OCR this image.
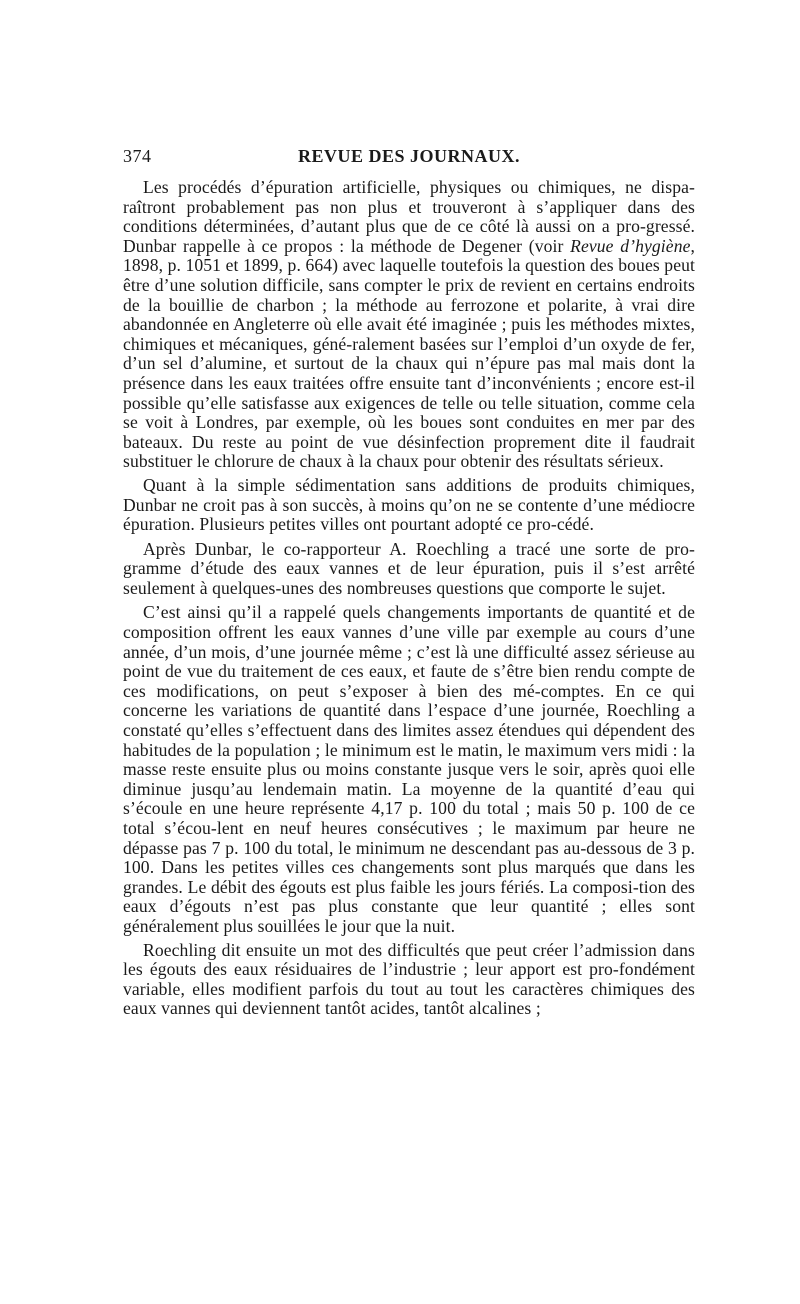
374	REVUE DES JOURNAUX.

Les procédés d’épuration artificielle, physiques ou chimiques, ne dispa-raîtront probablement pas non plus et trouveront à s’appliquer dans des conditions déterminées, d’autant plus que de ce côté là aussi on a pro-gressé. Dunbar rappelle à ce propos : la méthode de Degener (voir Revue d’hygiène, 1898, p. 1051 et 1899, p. 664) avec laquelle toutefois la question des boues peut être d’une solution difficile, sans compter le prix de revient en certains endroits de la bouillie de charbon ; la méthode au ferrozone et polarite, à vrai dire abandonnée en Angleterre où elle avait été imaginée ; puis les méthodes mixtes, chimiques et mécaniques, géné-ralement basées sur l’emploi d’un oxyde de fer, d’un sel d’alumine, et surtout de la chaux qui n’épure pas mal mais dont la présence dans les eaux traitées offre ensuite tant d’inconvénients ; encore est-il possible qu’elle satisfasse aux exigences de telle ou telle situation, comme cela se voit à Londres, par exemple, où les boues sont conduites en mer par des bateaux. Du reste au point de vue désinfection proprement dite il faudrait substituer le chlorure de chaux à la chaux pour obtenir des résultats sérieux.

Quant à la simple sédimentation sans additions de produits chimiques, Dunbar ne croit pas à son succès, à moins qu’on ne se contente d’une médiocre épuration. Plusieurs petites villes ont pourtant adopté ce pro-cédé.

Après Dunbar, le co-rapporteur A. Roechling a tracé une sorte de pro-gramme d’étude des eaux vannes et de leur épuration, puis il s’est arrêté seulement à quelques-unes des nombreuses questions que comporte le sujet.

C’est ainsi qu’il a rappelé quels changements importants de quantité et de composition offrent les eaux vannes d’une ville par exemple au cours d’une année, d’un mois, d’une journée même ; c’est là une difficulté assez sérieuse au point de vue du traitement de ces eaux, et faute de s’être bien rendu compte de ces modifications, on peut s’exposer à bien des mé-comptes. En ce qui concerne les variations de quantité dans l’espace d’une journée, Roechling a constaté qu’elles s’effectuent dans des limites assez étendues qui dépendent des habitudes de la population ; le minimum est le matin, le maximum vers midi : la masse reste ensuite plus ou moins constante jusque vers le soir, après quoi elle diminue jusqu’au lendemain matin. La moyenne de la quantité d’eau qui s’écoule en une heure représente 4,17 p. 100 du total ; mais 50 p. 100 de ce total s’écou-lent en neuf heures consécutives ; le maximum par heure ne dépasse pas 7 p. 100 du total, le minimum ne descendant pas au-dessous de 3 p. 100. Dans les petites villes ces changements sont plus marqués que dans les grandes. Le débit des égouts est plus faible les jours fériés. La composi-tion des eaux d’égouts n’est pas plus constante que leur quantité ; elles sont généralement plus souillées le jour que la nuit.

Roechling dit ensuite un mot des difficultés que peut créer l’admission dans les égouts des eaux résiduaires de l’industrie ; leur apport est pro-fondément variable, elles modifient parfois du tout au tout les caractères chimiques des eaux vannes qui deviennent tantôt acides, tantôt alcalines ;
